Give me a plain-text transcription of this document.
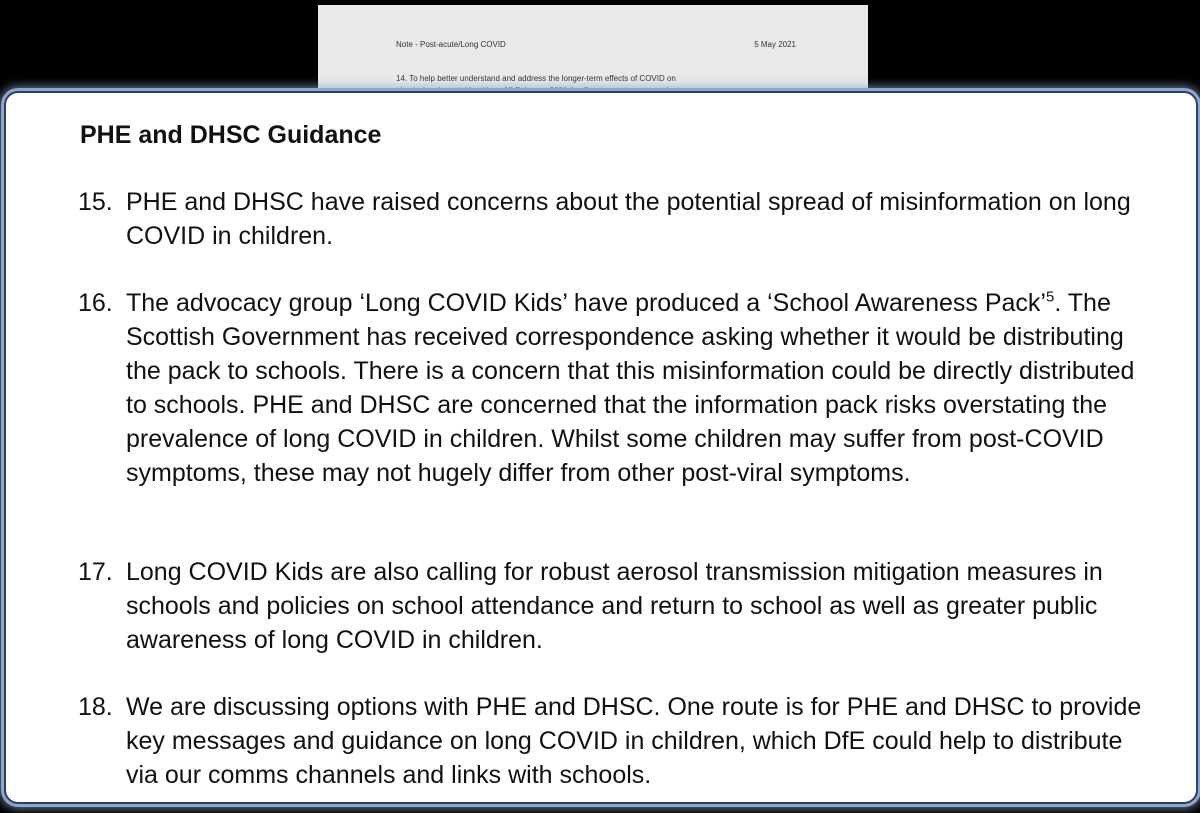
Note - Post-acute/Long COVID	5 May 2021
14. To help better understand and address the longer-term effects of COVID on
PHE and DHSC Guidance
15. PHE and DHSC have raised concerns about the potential spread of misinformation on long COVID in children.
16. The advocacy group ‘Long COVID Kids’ have produced a ‘School Awareness Pack’$^5$. The Scottish Government has received correspondence asking whether it would be distributing the pack to schools. There is a concern that this misinformation could be directly distributed to schools. PHE and DHSC are concerned that the information pack risks overstating the prevalence of long COVID in children. Whilst some children may suffer from post-COVID symptoms, these may not hugely differ from other post-viral symptoms.
17. Long COVID Kids are also calling for robust aerosol transmission mitigation measures in schools and policies on school attendance and return to school as well as greater public awareness of long COVID in children.
18. We are discussing options with PHE and DHSC. One route is for PHE and DHSC to provide key messages and guidance on long COVID in children, which DfE could help to distribute via our comms channels and links with schools.
